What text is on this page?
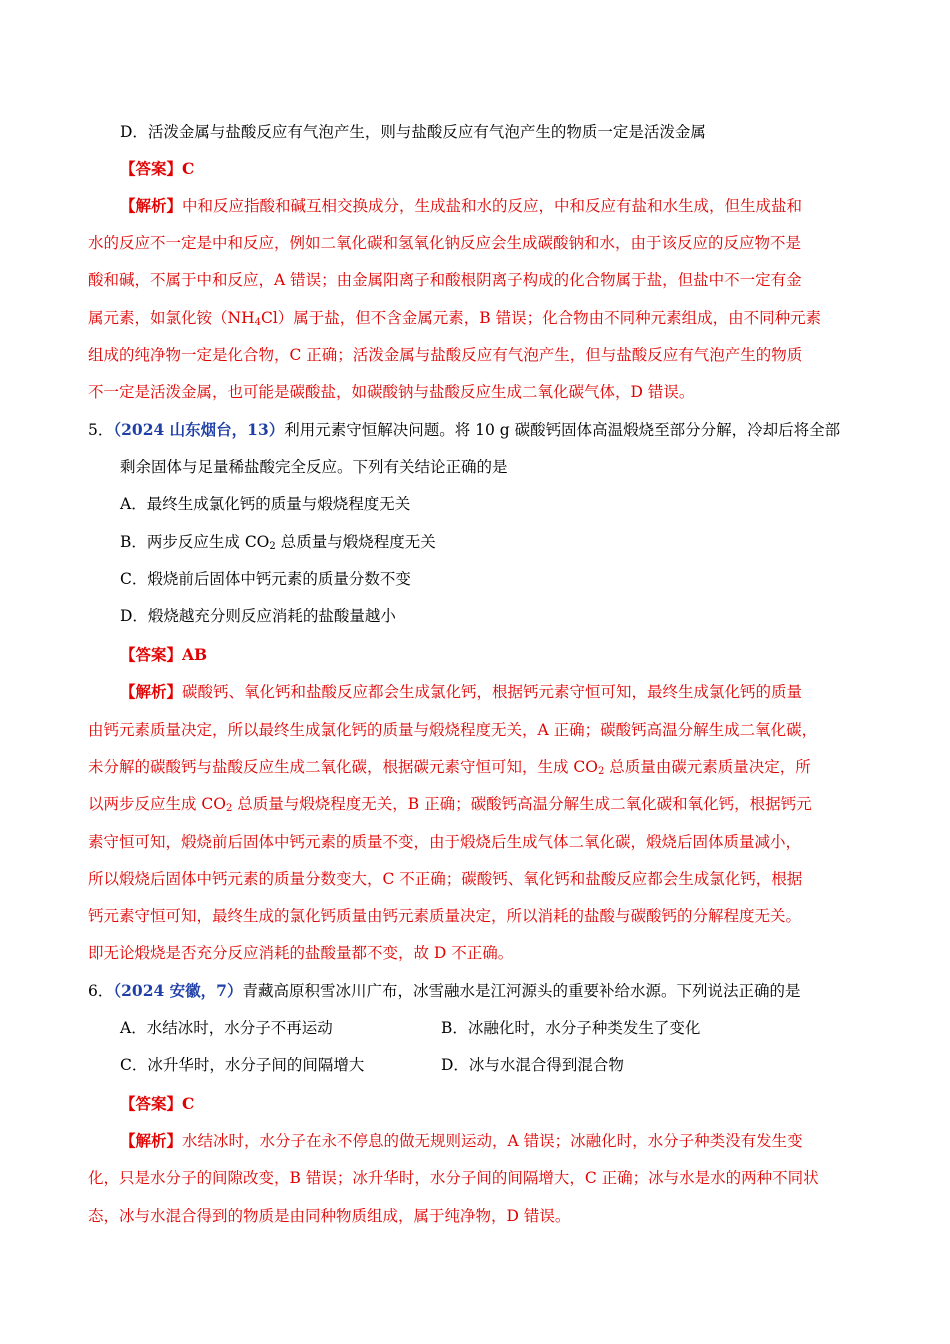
D．活泼金属与盐酸反应有气泡产生，则与盐酸反应有气泡产生的物质一定是活泼金属
【答案】C
【解析】中和反应指酸和碱互相交换成分，生成盐和水的反应，中和反应有盐和水生成，但生成盐和
水的反应不一定是中和反应，例如二氧化碳和氢氧化钠反应会生成碳酸钠和水，由于该反应的反应物不是
酸和碱，不属于中和反应，A 错误；由金属阳离子和酸根阴离子构成的化合物属于盐，但盐中不一定有金
属元素，如氯化铵$(NH_4Cl)$属于盐，但不含金属元素，B 错误；化合物由不同种元素组成，由不同种元素
组成的纯净物一定是化合物，C 正确；活泼金属与盐酸反应有气泡产生，但与盐酸反应有气泡产生的物质
不一定是活泼金属，也可能是碳酸盐，如碳酸钠与盐酸反应生成二氧化碳气体，D 错误。
5．（2024 山东烟台，13）利用元素守恒解决问题。将 10 g 碳酸钙固体高温煅烧至部分分解，冷却后将全部
剩余固体与足量稀盐酸完全反应。下列有关结论正确的是
A．最终生成氯化钙的质量与煅烧程度无关
B．两步反应生成 $CO_2$ 总质量与煅烧程度无关
C．煅烧前后固体中钙元素的质量分数不变
D．煅烧越充分则反应消耗的盐酸量越小
【答案】AB
【解析】碳酸钙、氧化钙和盐酸反应都会生成氯化钙，根据钙元素守恒可知，最终生成氯化钙的质量
由钙元素质量决定，所以最终生成氯化钙的质量与煅烧程度无关，A 正确；碳酸钙高温分解生成二氧化碳，
未分解的碳酸钙与盐酸反应生成二氧化碳，根据碳元素守恒可知，生成 $CO_2$ 总质量由碳元素质量决定，所
以两步反应生成 $CO_2$ 总质量与煅烧程度无关，B 正确；碳酸钙高温分解生成二氧化碳和氧化钙，根据钙元
素守恒可知，煅烧前后固体中钙元素的质量不变，由于煅烧后生成气体二氧化碳，煅烧后固体质量减小，
所以煅烧后固体中钙元素的质量分数变大，C 不正确；碳酸钙、氧化钙和盐酸反应都会生成氯化钙，根据
钙元素守恒可知，最终生成的氯化钙质量由钙元素质量决定，所以消耗的盐酸与碳酸钙的分解程度无关。
即无论煅烧是否充分反应消耗的盐酸量都不变，故 D 不正确。
6．（2024 安徽，7）青藏高原积雪冰川广布，冰雪融水是江河源头的重要补给水源。下列说法正确的是
A．水结冰时，水分子不再运动	B．冰融化时，水分子种类发生了变化
C．冰升华时，水分子间的间隔增大	D．冰与水混合得到混合物
【答案】C
【解析】水结冰时，水分子在永不停息的做无规则运动，A 错误；冰融化时，水分子种类没有发生变
化，只是水分子的间隙改变，B 错误；冰升华时，水分子间的间隔增大，C 正确；冰与水是水的两种不同状
态，冰与水混合得到的物质是由同种物质组成，属于纯净物，D 错误。
